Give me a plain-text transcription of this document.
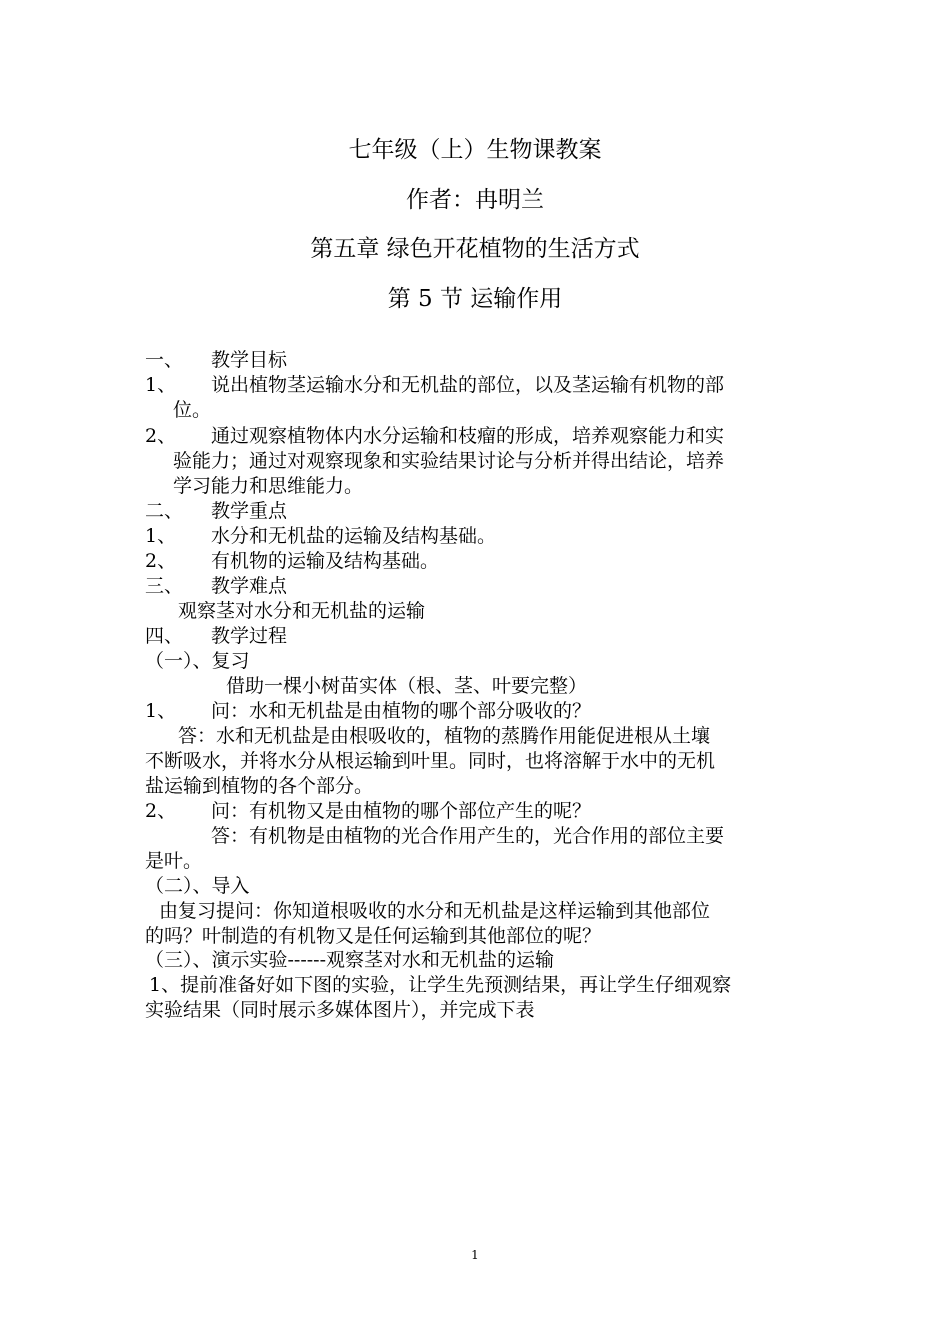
七年级（上）生物课教案
作者：冉明兰
第五章 绿色开花植物的生活方式
第 5 节 运输作用
一、 教学目标
1、 说出植物茎运输水分和无机盐的部位，以及茎运输有机物的部
位。
2、 通过观察植物体内水分运输和枝瘤的形成，培养观察能力和实
验能力；通过对观察现象和实验结果讨论与分析并得出结论，培养
学习能力和思维能力。
二、 教学重点
1、 水分和无机盐的运输及结构基础。
2、 有机物的运输及结构基础。
三、 教学难点
观察茎对水分和无机盐的运输
四、 教学过程
（一）、复习
借助一棵小树苗实体（根、茎、叶要完整）
1、 问：水和无机盐是由植物的哪个部分吸收的？
答：水和无机盐是由根吸收的，植物的蒸腾作用能促进根从土壤
不断吸水，并将水分从根运输到叶里。同时，也将溶解于水中的无机
盐运输到植物的各个部分。
2、 问：有机物又是由植物的哪个部位产生的呢？
答：有机物是由植物的光合作用产生的，光合作用的部位主要
是叶。
（二）、导入
由复习提问：你知道根吸收的水分和无机盐是这样运输到其他部位
的吗？叶制造的有机物又是任何运输到其他部位的呢？
（三）、演示实验------观察茎对水和无机盐的运输
1、提前准备好如下图的实验，让学生先预测结果，再让学生仔细观察
实验结果（同时展示多媒体图片），并完成下表
1
